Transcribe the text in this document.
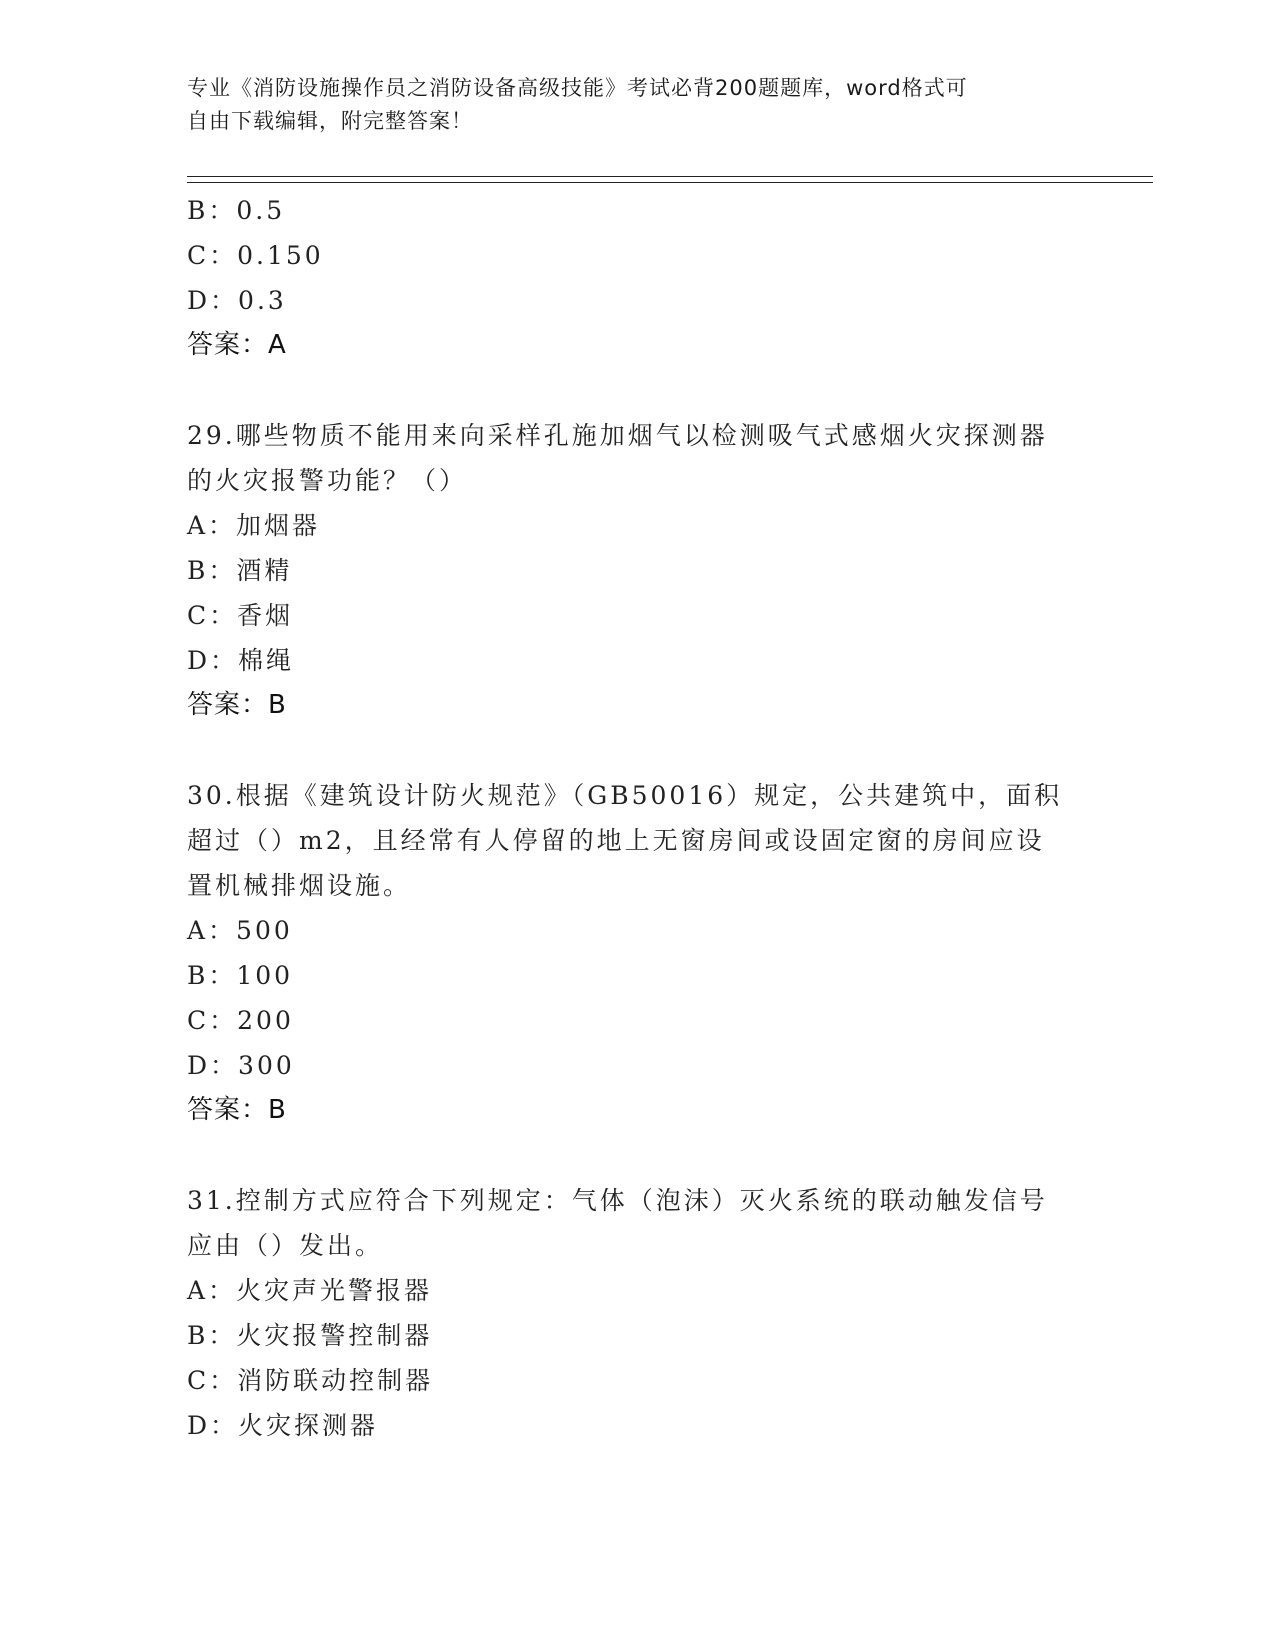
专业《消防设施操作员之消防设备高级技能》考试必背200题题库，word格式可
自由下载编辑，附完整答案！
B：0.5
C：0.150
D：0.3
答案：A
29.哪些物质不能用来向采样孔施加烟气以检测吸气式感烟火灾探测器
的火灾报警功能？（）
A：加烟器
B：酒精
C：香烟
D：棉绳
答案：B
30.根据《建筑设计防火规范》（GB50016）规定，公共建筑中，面积
超过（）m2，且经常有人停留的地上无窗房间或设固定窗的房间应设
置机械排烟设施。
A：500
B：100
C：200
D：300
答案：B
31.控制方式应符合下列规定：气体（泡沫）灭火系统的联动触发信号
应由（）发出。
A：火灾声光警报器
B：火灾报警控制器
C：消防联动控制器
D：火灾探测器
